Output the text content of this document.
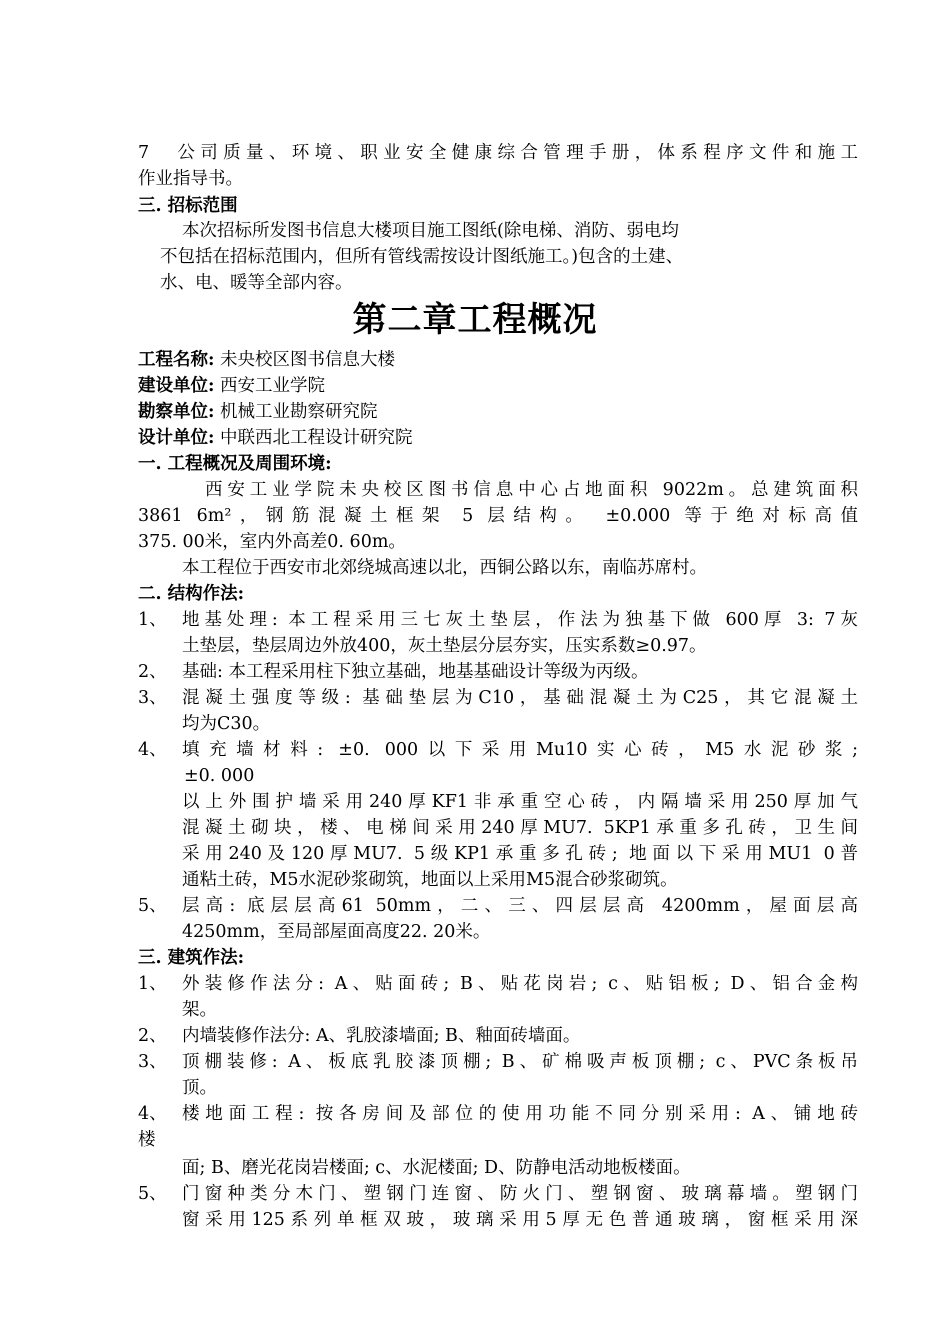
7　公司质量、环境、职业安全健康综合管理手册，体系程序文件和施工
作业指导书。
三. 招标范围
本次招标所发图书信息大楼项目施工图纸(除电梯、消防、弱电均
不包括在招标范围内，但所有管线需按设计图纸施工。)包含的土建、
水、电、暖等全部内容。
第二章工程概况
工程名称: 未央校区图书信息大楼
建设单位: 西安工业学院
勘察单位: 机械工业勘察研究院
设计单位: 中联西北工程设计研究院
一. 工程概况及周围环境:
西安工业学院未央校区图书信息中心占地面积 9022m。总建筑面积
3861 6m²，钢筋混凝土框架 5 层结构。 ±0.000 等于绝对标高值
375. 00米，室内外高差0. 60m。
本工程位于西安市北郊绕城高速以北，西铜公路以东，南临苏席村。
二. 结构作法:
1、 地基处理: 本工程采用三七灰土垫层，作法为独基下做 600厚 3: 7灰
土垫层，垫层周边外放400，灰土垫层分层夯实，压实系数≥0.97。
2、 基础: 本工程采用柱下独立基础，地基基础设计等级为丙级。
3、 混凝土强度等级: 基础垫层为C10，基础混凝土为C25，其它混凝土
均为C30。
4、 填充墙材料: ±0. 000以下采用Mu10实心砖，M5水泥砂浆;
±0. 000
以上外围护墙采用240厚KF1非承重空心砖，内隔墙采用250厚加气
混凝土砌块，楼、电梯间采用240厚MU7. 5KP1承重多孔砖，卫生间
采用240及120厚MU7. 5级KP1承重多孔砖; 地面以下采用MU1 0普
通粘土砖，M5水泥砂浆砌筑，地面以上采用M5混合砂浆砌筑。
5、 层高: 底层层高61 50mm，二、三、四层层高 4200mm，屋面层高
4250mm，至局部屋面高度22. 20米。
三. 建筑作法:
1、 外装修作法分: A、贴面砖; B、贴花岗岩; c、贴铝板; D、铝合金构
架。
2、 内墙装修作法分: A、乳胶漆墙面; B、釉面砖墙面。
3、 顶棚装修: A、板底乳胶漆顶棚; B、矿棉吸声板顶棚; c、PVC条板吊
顶。
4、 楼地面工程: 按各房间及部位的使用功能不同分别采用: A、铺地砖
楼
面; B、磨光花岗岩楼面; c、水泥楼面; D、防静电活动地板楼面。
5、 门窗种类分木门、塑钢门连窗、防火门、塑钢窗、玻璃幕墙。塑钢门
窗采用125系列单框双玻，玻璃采用5厚无色普通玻璃，窗框采用深
